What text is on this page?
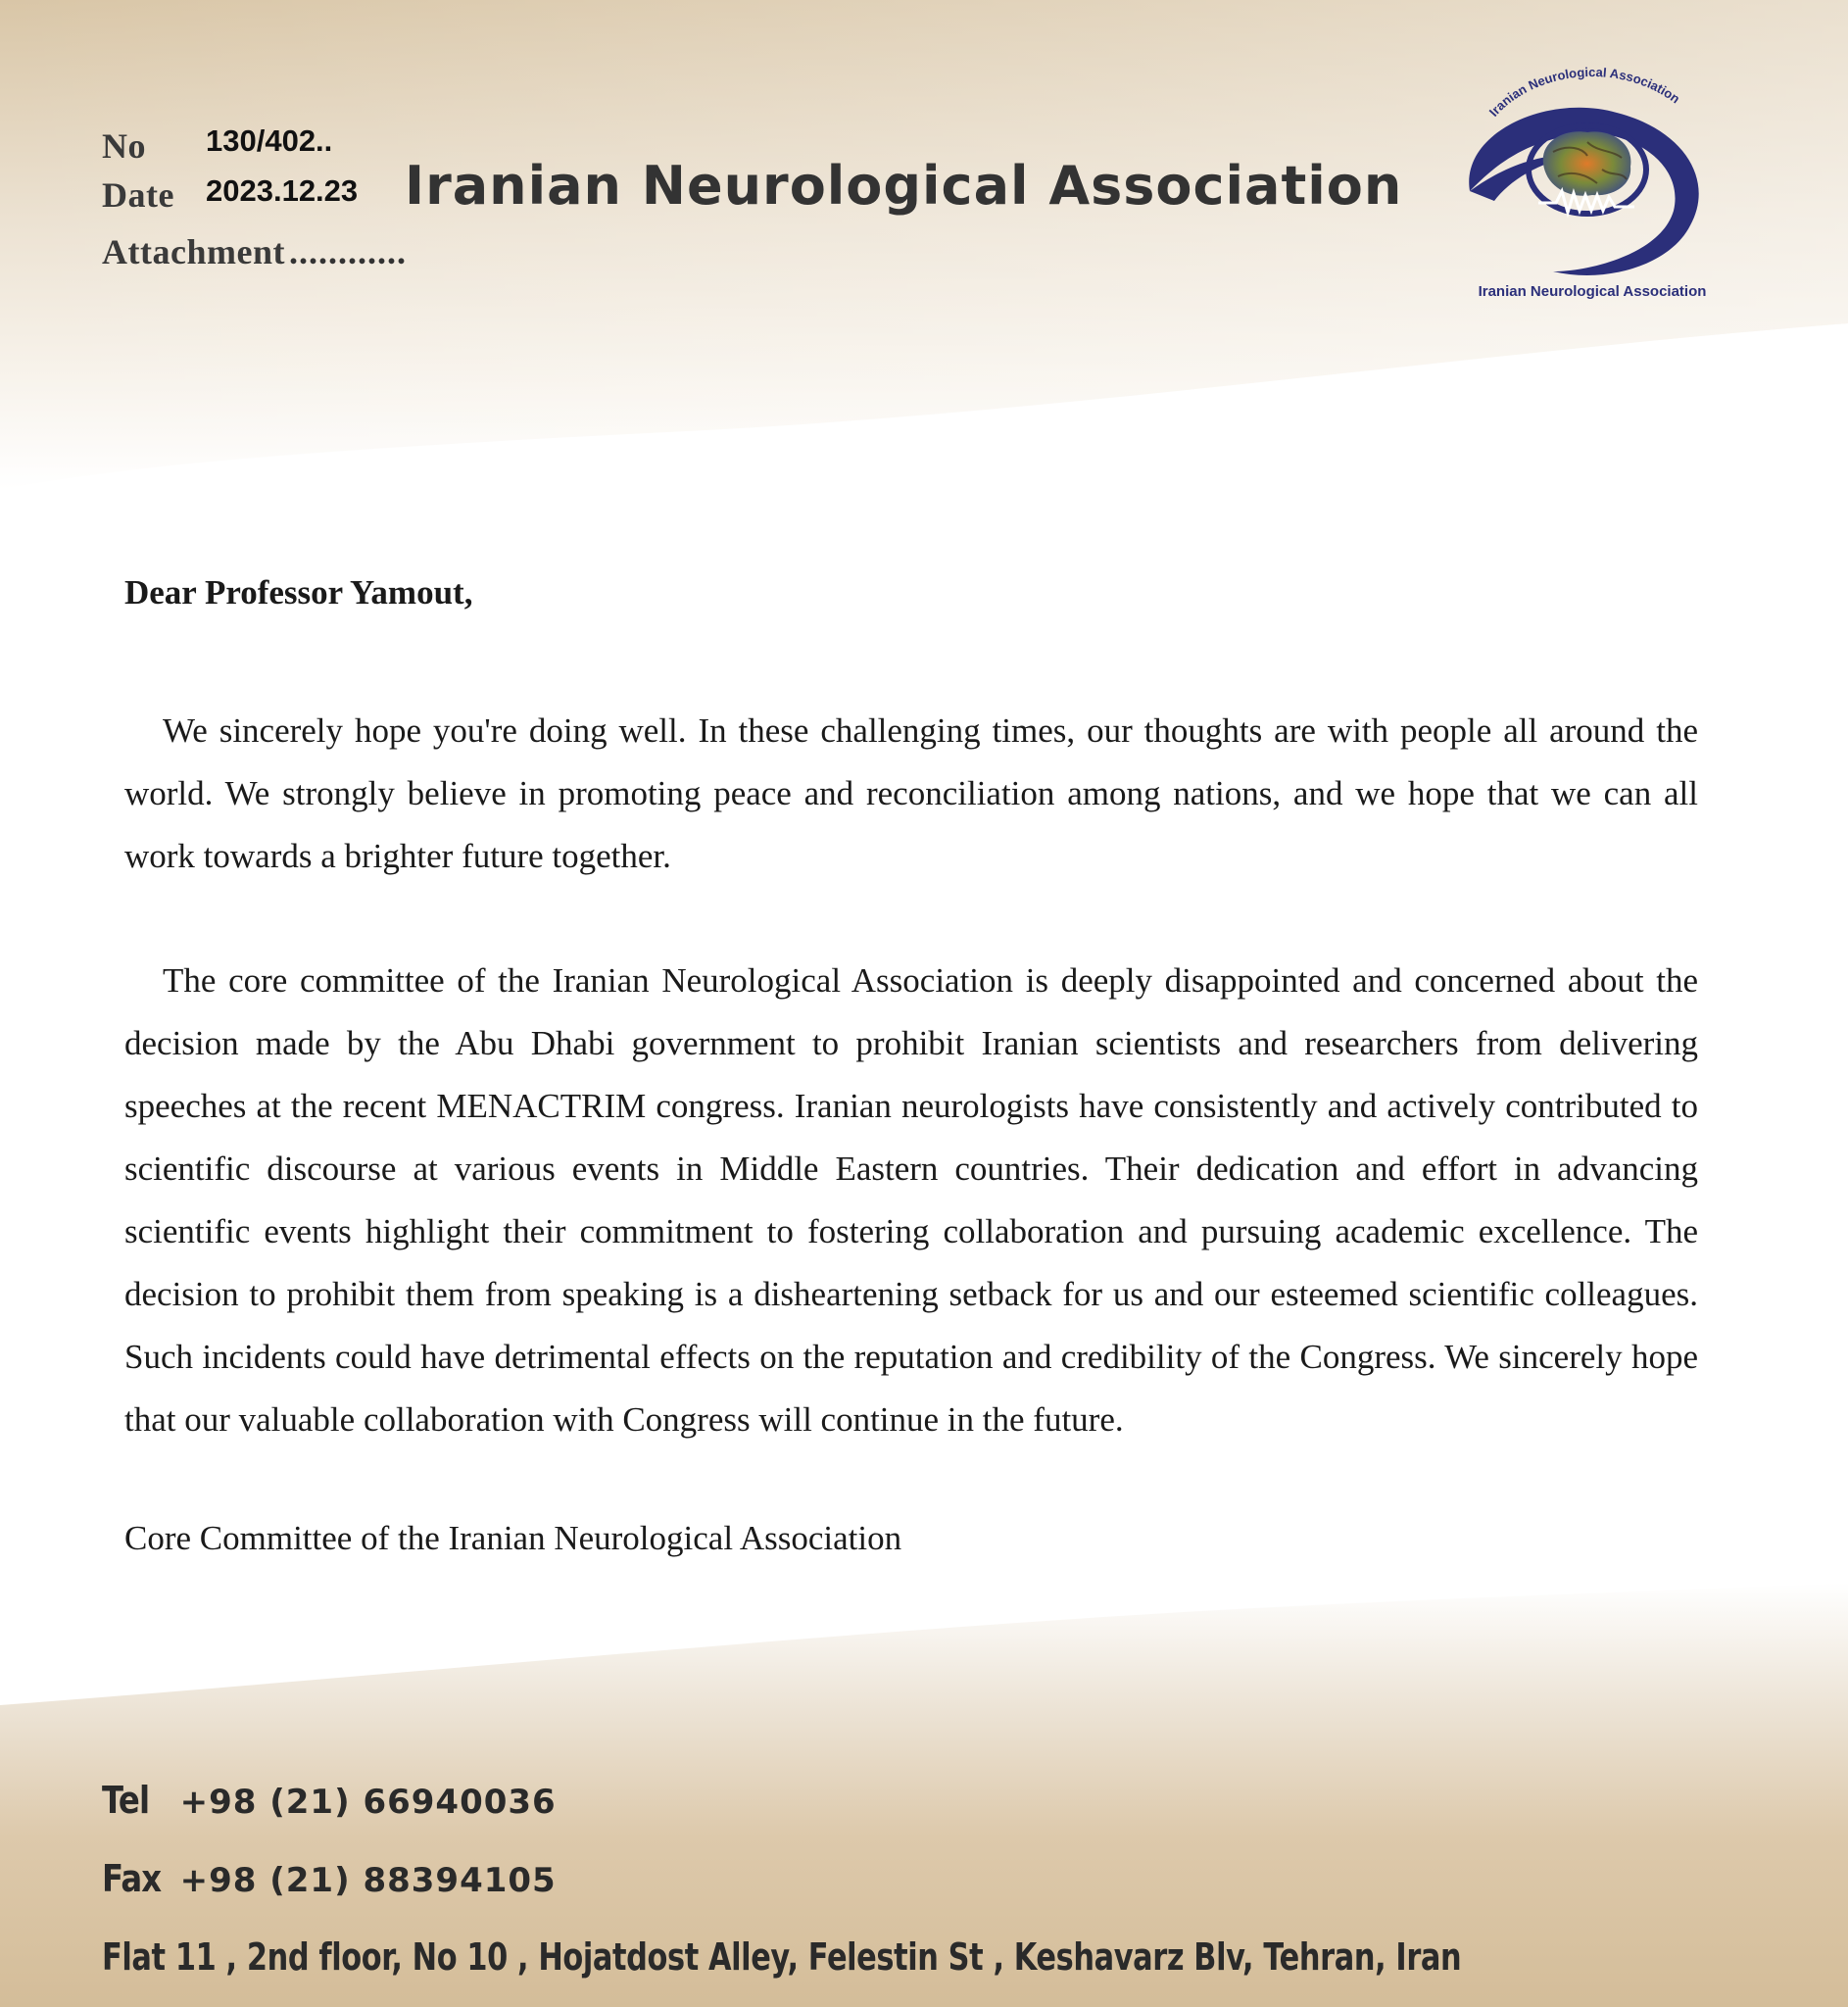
No 130/402..
Date 2023.12.23
Attachment ............
Iranian Neurological Association
Iranian Neurological Association
Iranian Neurological Association
Dear Professor Yamout,

We sincerely hope you're doing well. In these challenging times, our thoughts are with people all around the world. We strongly believe in promoting peace and reconciliation among nations, and we hope that we can all work towards a brighter future together.

The core committee of the Iranian Neurological Association is deeply disappointed and concerned about the decision made by the Abu Dhabi government to prohibit Iranian scientists and researchers from delivering speeches at the recent MENACTRIM congress. Iranian neurologists have consistently and actively contributed to scientific discourse at various events in Middle Eastern countries. Their dedication and effort in advancing scientific events highlight their commitment to fostering collaboration and pursuing academic excellence. The decision to prohibit them from speaking is a disheartening setback for us and our esteemed scientific colleagues. Such incidents could have detrimental effects on the reputation and credibility of the Congress. We sincerely hope that our valuable collaboration with Congress will continue in the future.

Core Committee of the Iranian Neurological Association
Tel +98 (21) 66940036
Fax +98 (21) 88394105
Flat 11 , 2nd floor, No 10 , Hojatdost Alley, Felestin St , Keshavarz Blv, Tehran, Iran
